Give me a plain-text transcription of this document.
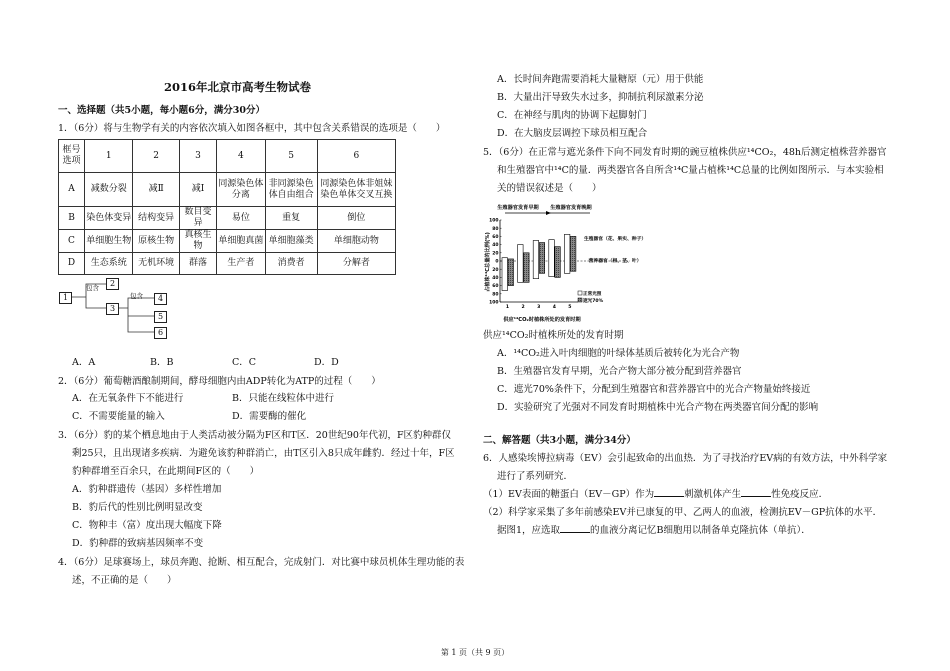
2016年北京市高考生物试卷
一、选择题（共5小题，每小题6分，满分30分）
1．（6分）将与生物学有关的内容依次填入如图各框中，其中包含关系错误的选项是（　　）
框号
选项	1	2	3	4	5	6
A	减数分裂	减Ⅱ	减Ⅰ	同源染色体分离	非同源染色体自由组合	同源染色体非姐妹染色单体交叉互换
B	染色体变异	结构变异	数目变异	易位	重复	倒位
C	单细胞生物	原核生物	真核生物	单细胞真菌	单细胞藻类	单细胞动物
D	生态系统	无机环境	群落	生产者	消费者	分解者
1
2
3
4
5
6
包含
包含
A．A	B．B	C．C	D．D
2．（6分）葡萄糖酒酿制期间，酵母细胞内由ADP转化为ATP的过程（　　）
A．在无氧条件下不能进行	B．只能在线粒体中进行
C．不需要能量的输入	D．需要酶的催化
3．（6分）豹的某个栖息地由于人类活动被分隔为F区和T区．20世纪90年代初，F区豹种群仅
剩25只，且出现诸多疾病．为避免该豹种群消亡，由T区引入8只成年雌豹．经过十年，F区
豹种群增至百余只，在此期间F区的（　　）
A．豹种群遗传（基因）多样性增加
B．豹后代的性别比例明显改变
C．物种丰（富）度出现大幅度下降
D．豹种群的致病基因频率不变
4．（6分）足球赛场上，球员奔跑、抢断、相互配合，完成射门．对比赛中球员机体生理功能的表
述，不正确的是（　　）
A．长时间奔跑需要消耗大量糖原（元）用于供能
B．大量出汗导致失水过多，抑制抗利尿激素分泌
C．在神经与肌肉的协调下起脚射门
D．在大脑皮层调控下球员相互配合
5．（6分）在正常与遮光条件下向不同发育时期的豌豆植株供应¹⁴CO₂，48h后测定植株营养器官
和生殖器官中¹⁴C的量．两类器官各自所含¹⁴C量占植株¹⁴C总量的比例如图所示．与本实验相
关的错误叙述是（　　）
占植株¹⁴C总量的比例(%)
生殖器官发育早期 生殖器官发育晚期
生殖器官（花、果实、种子）
营养器官（根、茎、叶）
正常光照
遮光70%
供应¹⁴CO₂时植株所处的发育时期
100
80
60
40
20
0
20
40
60
80
100
1	2	3	4	5
供应¹⁴CO₂时植株所处的发育时期
A．¹⁴CO₂进入叶肉细胞的叶绿体基质后被转化为光合产物
B．生殖器官发育早期，光合产物大部分被分配到营养器官
C．遮光70%条件下，分配到生殖器官和营养器官中的光合产物量始终接近
D．实验研究了光强对不同发育时期植株中光合产物在两类器官间分配的影响
二、解答题（共3小题，满分34分）
6．人感染埃博拉病毒（EV）会引起致命的出血热．为了寻找治疗EV病的有效方法，中外科学家
进行了系列研究．
（1）EV表面的糖蛋白（EV－GP）作为	刺激机体产生	性免疫反应．
（2）科学家采集了多年前感染EV并已康复的甲、乙两人的血液，检测抗EV－GP抗体的水平．
据图1，应选取	的血液分离记忆B细胞用以制备单克隆抗体（单抗）．
第 1 页（共 9 页）
